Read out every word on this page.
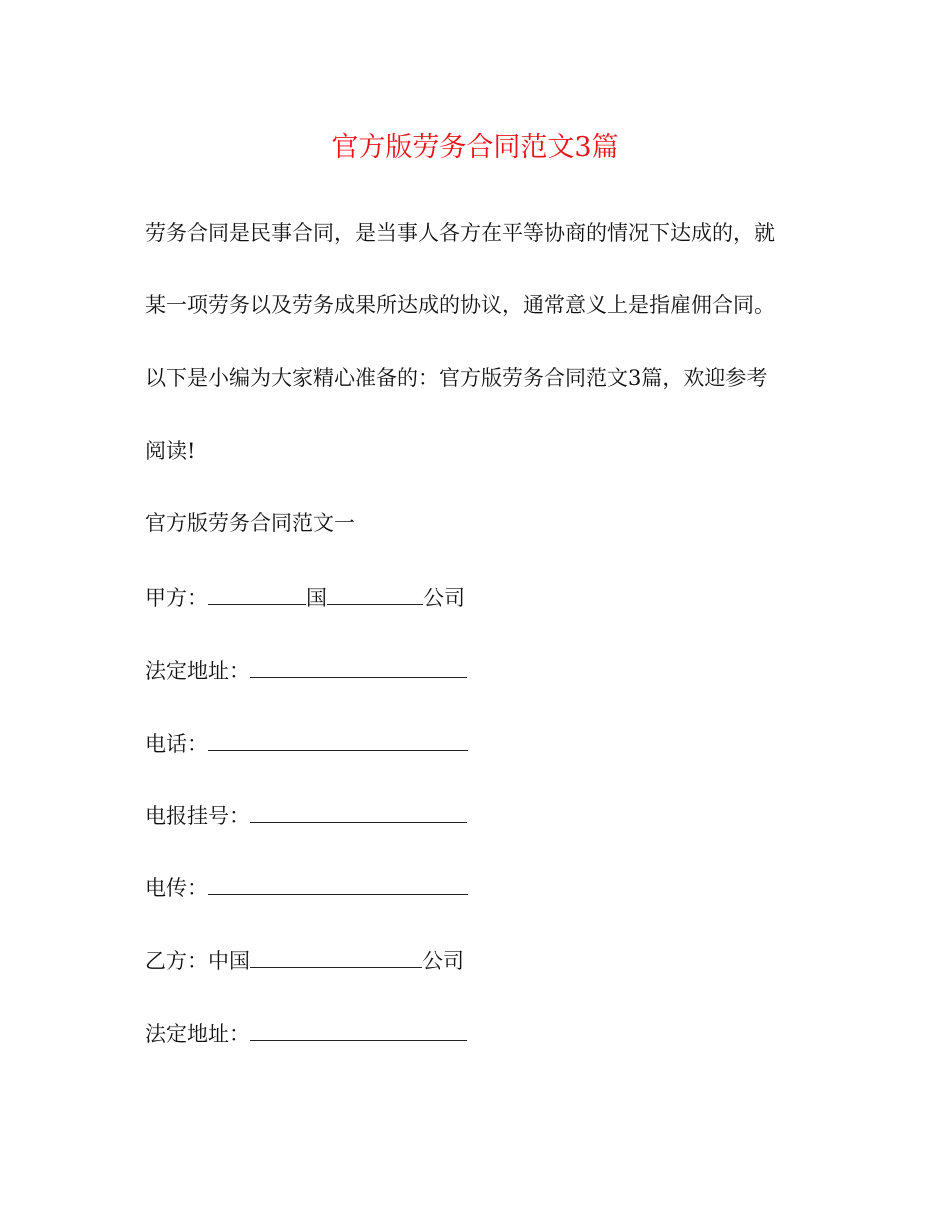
官方版劳务合同范文3篇
劳务合同是民事合同，是当事人各方在平等协商的情况下达成的，就
某一项劳务以及劳务成果所达成的协议，通常意义上是指雇佣合同。
以下是小编为大家精心准备的：官方版劳务合同范文3篇，欢迎参考
阅读!
官方版劳务合同范文一
甲方：	国	公司
法定地址：
电话：
电报挂号：
电传：
乙方：中国	公司
法定地址：
